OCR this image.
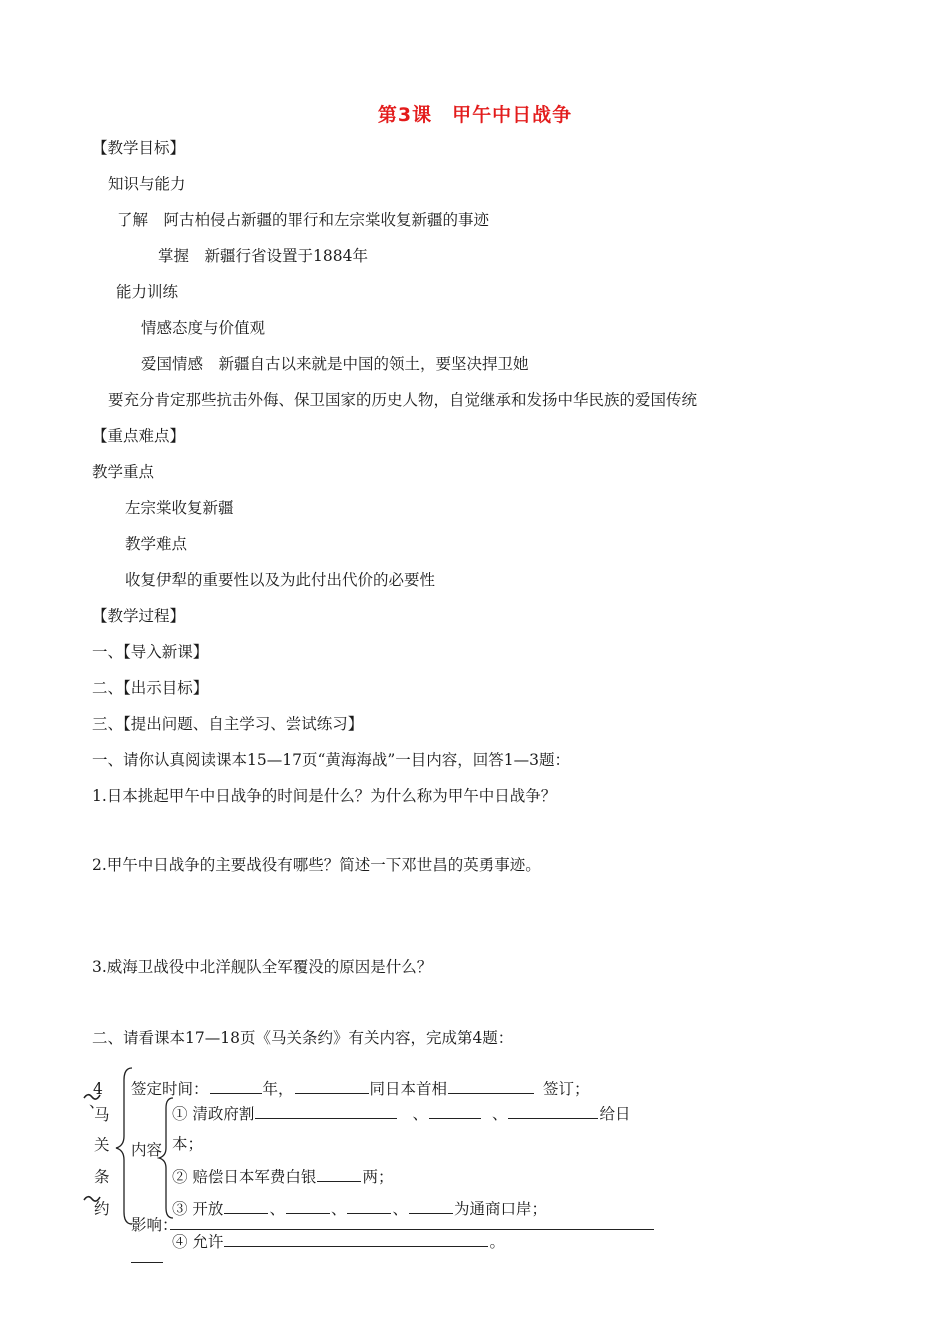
第3课　甲午中日战争
【教学目标】
知识与能力
了解　阿古柏侵占新疆的罪行和左宗棠收复新疆的事迹
掌握　新疆行省设置于1884年
能力训练
情感态度与价值观
爱国情感　新疆自古以来就是中国的领土，要坚决捍卫她
要充分肯定那些抗击外侮、保卫国家的历史人物，自觉继承和发扬中华民族的爱国传统
【重点难点】
教学重点
左宗棠收复新疆
教学难点
收复伊犁的重要性以及为此付出代价的必要性
【教学过程】
一、【导入新课】
二、【出示目标】
三、【提出问题、自主学习、尝试练习】
一、请你认真阅读课本15—17页“黄海海战”一目内容，回答1—3题：
1.日本挑起甲午中日战争的时间是什么？为什么称为甲午中日战争？
2.甲午中日战争的主要战役有哪些？简述一下邓世昌的英勇事迹。
3.威海卫战役中北洋舰队全军覆没的原因是什么？
二、请看课本17—18页《马关条约》有关内容，完成第4题：
4
、
马
关
条
约
签定时间：	年，	同日本首相	签订；
① 清政府割	、	、	给日
本；
内容
② 赔偿日本军费白银	两；
③ 开放	、	、	、	为通商口岸；
影响：
④ 允许	。
